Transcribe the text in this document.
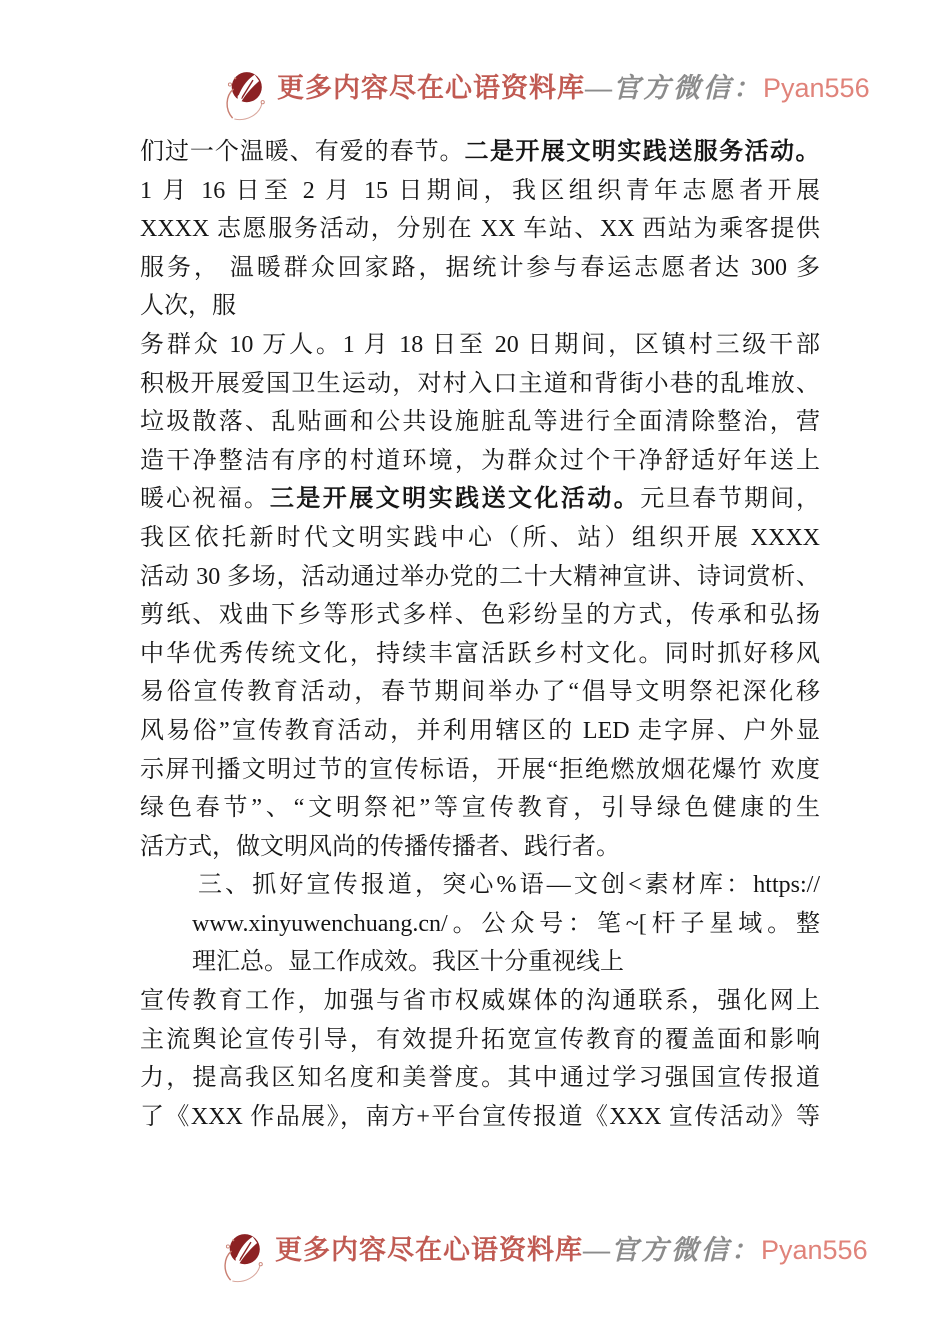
更多内容尽在心语资料库—官方微信：Pyan556
们过一个温暖、有爱的春节。二是开展文明实践送服务活动。
1 月 16 日至 2 月 15 日期间，我区组织青年志愿者开展
XXXX 志愿服务活动，分别在 XX 车站、XX 西站为乘客提供
服务， 温暖群众回家路，据统计参与春运志愿者达 300 多
人次，服
务群众 10 万人。1 月 18 日至 20 日期间，区镇村三级干部
积极开展爱国卫生运动，对村入口主道和背街小巷的乱堆放、
垃圾散落、乱贴画和公共设施脏乱等进行全面清除整治，营
造干净整洁有序的村道环境，为群众过个干净舒适好年送上
暖心祝福。三是开展文明实践送文化活动。元旦春节期间，
我区依托新时代文明实践中心（所、站）组织开展 XXXX
活动 30 多场，活动通过举办党的二十大精神宣讲、诗词赏析、
剪纸、戏曲下乡等形式多样、色彩纷呈的方式，传承和弘扬
中华优秀传统文化，持续丰富活跃乡村文化。同时抓好移风
易俗宣传教育活动，春节期间举办了“倡导文明祭祀深化移
风易俗”宣传教育活动，并利用辖区的 LED 走字屏、户外显
示屏刊播文明过节的宣传标语，开展“拒绝燃放烟花爆竹 欢度
绿色春节”、“文明祭祀”等宣传教育，引导绿色健康的生
活方式，做文明风尚的传播传播者、践行者。
三、抓好宣传报道，突心%语—文创<素材库：https://
www.xinyuwenchuang.cn/。公众号：笔~[杆子星域。整
理汇总。显工作成效。我区十分重视线上
宣传教育工作，加强与省市权威媒体的沟通联系，强化网上
主流舆论宣传引导，有效提升拓宽宣传教育的覆盖面和影响
力，提高我区知名度和美誉度。其中通过学习强国宣传报道
了《XXX 作品展》，南方+平台宣传报道《XXX 宣传活动》等
更多内容尽在心语资料库—官方微信：Pyan556
